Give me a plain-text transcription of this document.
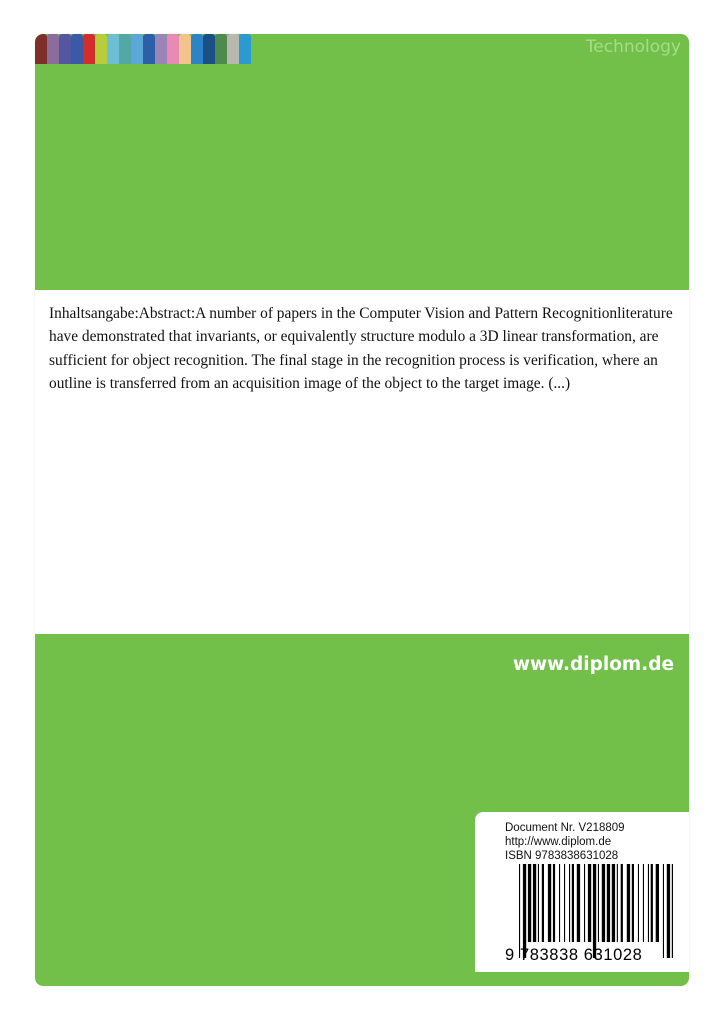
Technology

Inhaltsangabe:Abstract:A number of papers in the Computer Vision and Pattern Recognitionliterature have demonstrated that invariants, or equivalently structure modulo a 3D linear transformation, are sufficient for object recognition. The final stage in the recognition process is verification, where an outline is transferred from an acquisition image of the object to the target image. (...)

www.diplom.de
Document Nr. V218809
http://www.diplom.de
ISBN 9783838631028
9 783838 631028
